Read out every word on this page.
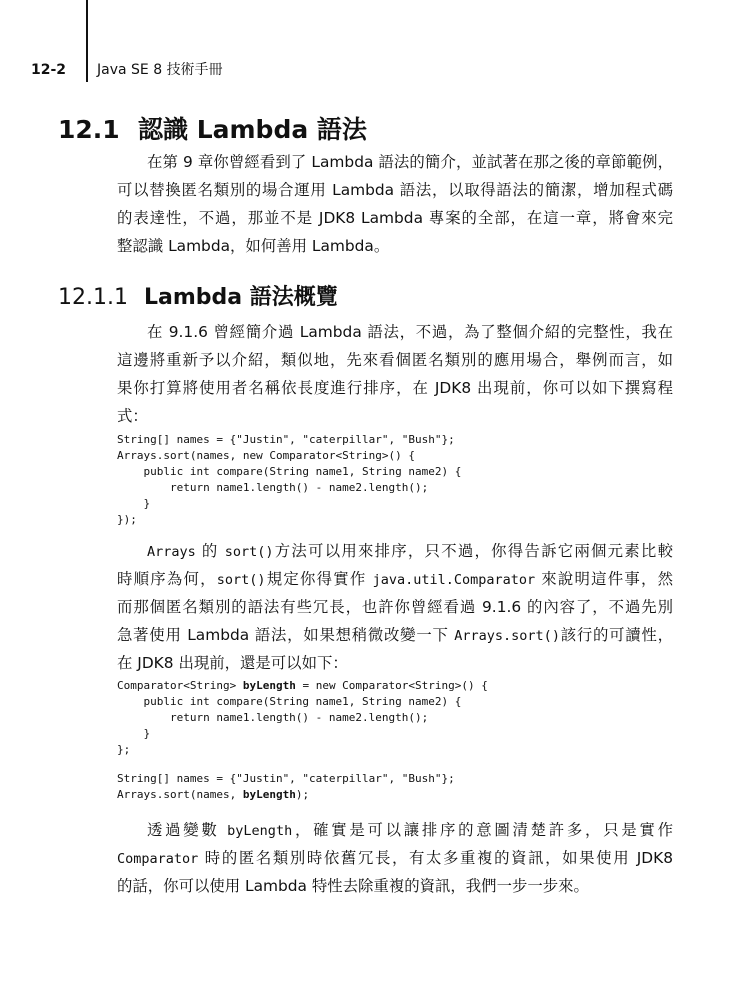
12-2 Java SE 8 技術手冊
12.1 認識 Lambda 語法
在第 9 章你曾經看到了 Lambda 語法的簡介，並試著在那之後的章節範例，
可以替換匿名類別的場合運用 Lambda 語法，以取得語法的簡潔，增加程式碼
的表達性，不過，那並不是 JDK8 Lambda 專案的全部，在這一章，將會來完
整認識 Lambda，如何善用 Lambda。
12.1.1 Lambda 語法概覽
在 9.1.6 曾經簡介過 Lambda 語法，不過，為了整個介紹的完整性，我在
這邊將重新予以介紹，類似地，先來看個匿名類別的應用場合，舉例而言，如
果你打算將使用者名稱依長度進行排序，在 JDK8 出現前，你可以如下撰寫程
式：
String[] names = {"Justin", "caterpillar", "Bush"};
Arrays.sort(names, new Comparator<String>() {
public int compare(String name1, String name2) {
return name1.length() - name2.length();
}
});
Arrays 的 sort()方法可以用來排序，只不過，你得告訴它兩個元素比較
時順序為何，sort()規定你得實作 java.util.Comparator 來說明這件事，然
而那個匿名類別的語法有些冗長，也許你曾經看過 9.1.6 的內容了，不過先別
急著使用 Lambda 語法，如果想稍微改變一下 Arrays.sort()該行的可讀性，
在 JDK8 出現前，還是可以如下：
Comparator<String> byLength = new Comparator<String>() {
public int compare(String name1, String name2) {
return name1.length() - name2.length();
}
};
String[] names = {"Justin", "caterpillar", "Bush"};
Arrays.sort(names, byLength);
透過變數 byLength，確實是可以讓排序的意圖清楚許多，只是實作
Comparator 時的匿名類別時依舊冗長，有太多重複的資訊，如果使用 JDK8
的話，你可以使用 Lambda 特性去除重複的資訊，我們一步一步來。
